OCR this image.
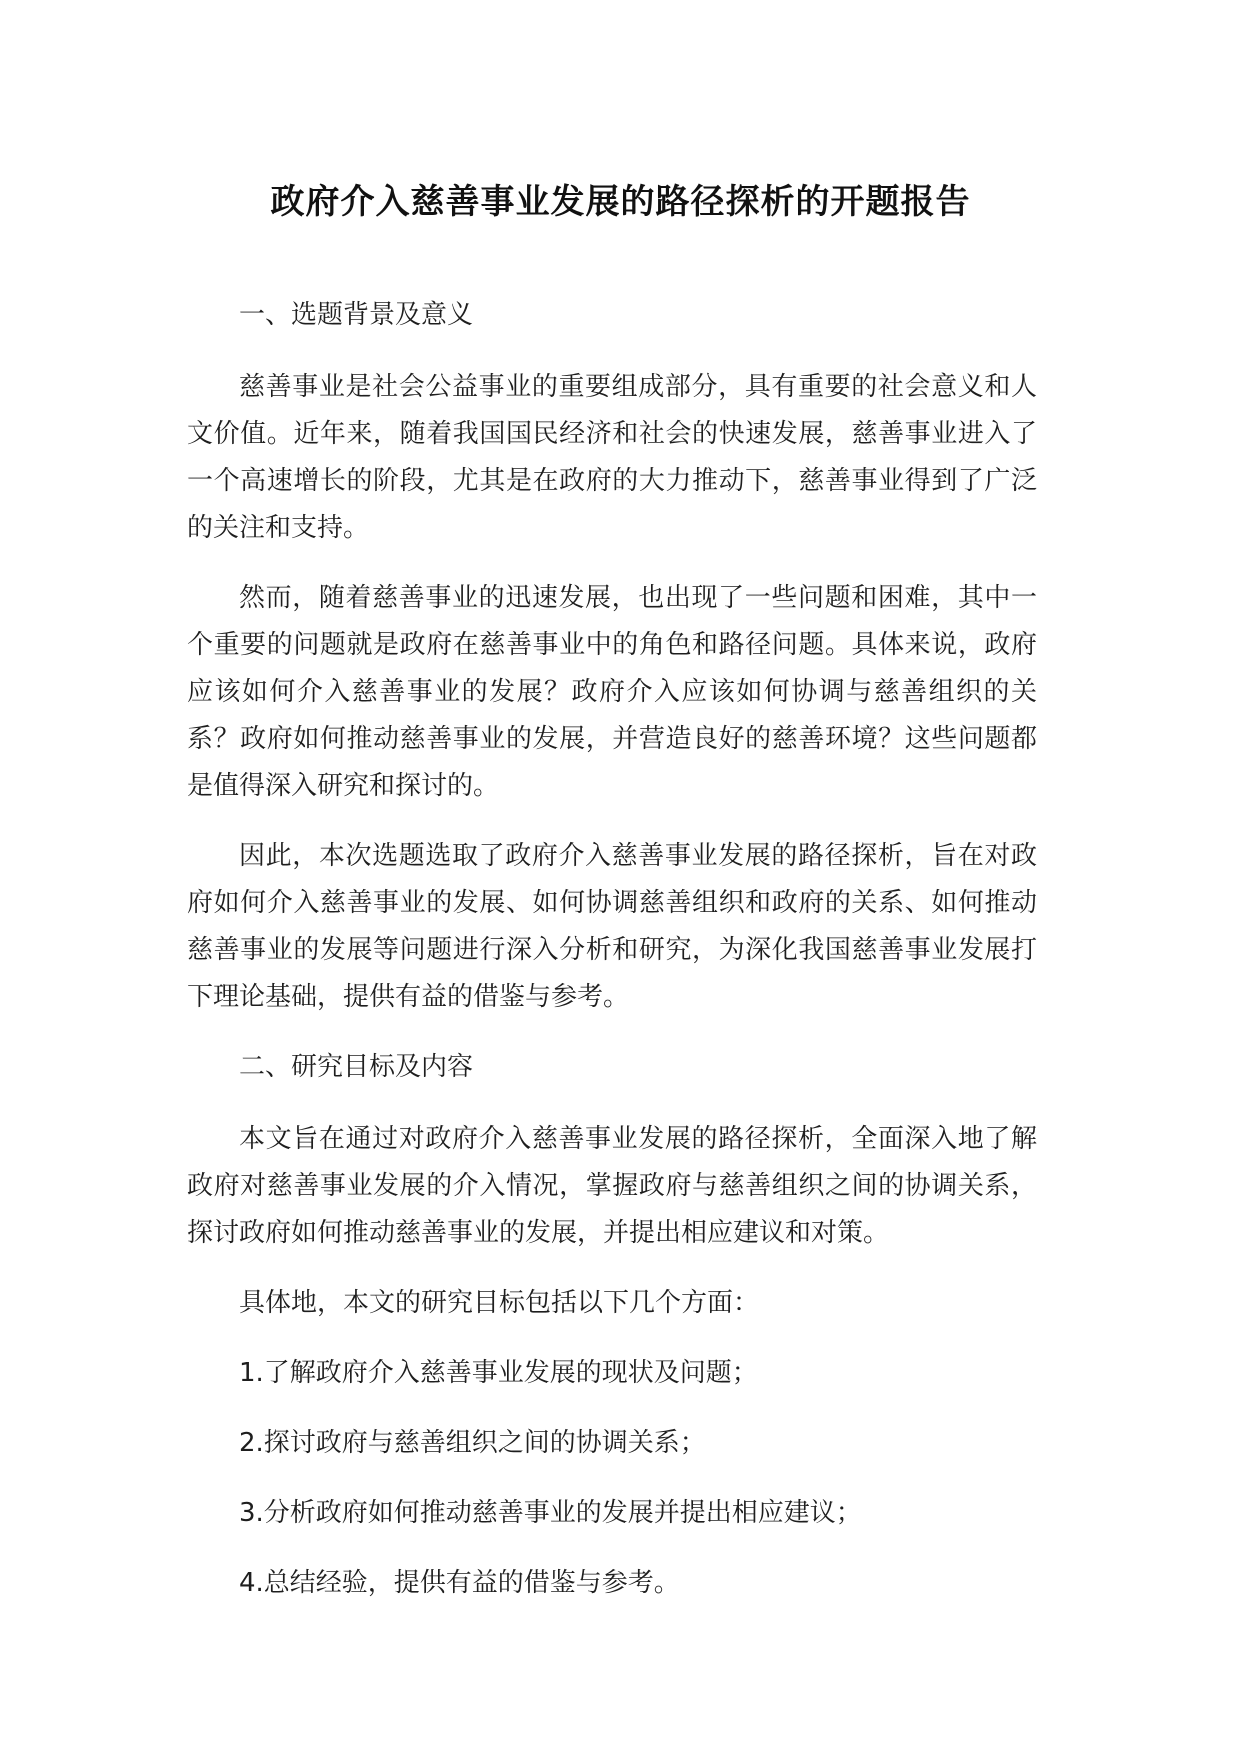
政府介入慈善事业发展的路径探析的开题报告

一、选题背景及意义

慈善事业是社会公益事业的重要组成部分，具有重要的社会意义和人文价值。近年来，随着我国国民经济和社会的快速发展，慈善事业进入了一个高速增长的阶段，尤其是在政府的大力推动下，慈善事业得到了广泛的关注和支持。

然而，随着慈善事业的迅速发展，也出现了一些问题和困难，其中一个重要的问题就是政府在慈善事业中的角色和路径问题。具体来说，政府应该如何介入慈善事业的发展？政府介入应该如何协调与慈善组织的关系？政府如何推动慈善事业的发展，并营造良好的慈善环境？这些问题都是值得深入研究和探讨的。

因此，本次选题选取了政府介入慈善事业发展的路径探析，旨在对政府如何介入慈善事业的发展、如何协调慈善组织和政府的关系、如何推动慈善事业的发展等问题进行深入分析和研究，为深化我国慈善事业发展打下理论基础，提供有益的借鉴与参考。

二、研究目标及内容

本文旨在通过对政府介入慈善事业发展的路径探析，全面深入地了解政府对慈善事业发展的介入情况，掌握政府与慈善组织之间的协调关系，探讨政府如何推动慈善事业的发展，并提出相应建议和对策。

具体地，本文的研究目标包括以下几个方面：

1.了解政府介入慈善事业发展的现状及问题；

2.探讨政府与慈善组织之间的协调关系；

3.分析政府如何推动慈善事业的发展并提出相应建议；

4.总结经验，提供有益的借鉴与参考。
